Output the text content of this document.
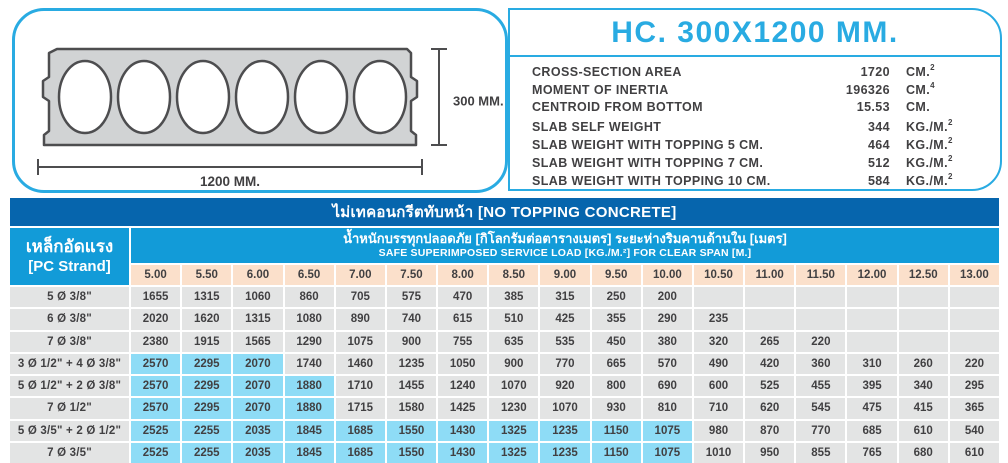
300 MM.
1200 MM.
HC. 300X1200 MM.
CROSS-SECTION AREA	1720 CM.$^2$
MOMENT OF INERTIA	196326 CM.$^4$
CENTROID FROM BOTTOM	15.53 CM.
SLAB SELF WEIGHT	344 KG./M.$^2$
SLAB WEIGHT WITH TOPPING 5 CM.	464 KG./M.$^2$
SLAB WEIGHT WITH TOPPING 7 CM.	512 KG./M.$^2$
SLAB WEIGHT WITH TOPPING 10 CM.	584 KG./M.$^2$
ไม่เทคอนกรีตทับหน้า [NO TOPPING CONCRETE]
เหล็กอัดแรง
[PC Strand]
น้ำหนักบรรทุกปลอดภัย [กิโลกรัมต่อตารางเมตร] ระยะห่างริมคานด้านใน [เมตร]
SAFE SUPERIMPOSED SERVICE LOAD [KG./M.²] FOR CLEAR SPAN [M.]
5.00	5.50	6.00	6.50	7.00	7.50	8.00	8.50	9.00	9.50	10.00	10.50	11.00	11.50	12.00	12.50	13.00
5 Ø 3/8"	1655	1315	1060	860	705	575	470	385	315	250	200
6 Ø 3/8"	2020	1620	1315	1080	890	740	615	510	425	355	290	235
7 Ø 3/8"	2380	1915	1565	1290	1075	900	755	635	535	450	380	320	265	220
3 Ø 1/2" + 4 Ø 3/8"	2570	2295	2070	1740	1460	1235	1050	900	770	665	570	490	420	360	310	260	220
5 Ø 1/2" + 2 Ø 3/8"	2570	2295	2070	1880	1710	1455	1240	1070	920	800	690	600	525	455	395	340	295
7 Ø 1/2"	2570	2295	2070	1880	1715	1580	1425	1230	1070	930	810	710	620	545	475	415	365
5 Ø 3/5" + 2 Ø 1/2"	2525	2255	2035	1845	1685	1550	1430	1325	1235	1150	1075	980	870	770	685	610	540
7 Ø 3/5"	2525	2255	2035	1845	1685	1550	1430	1325	1235	1150	1075	1010	950	855	765	680	610
